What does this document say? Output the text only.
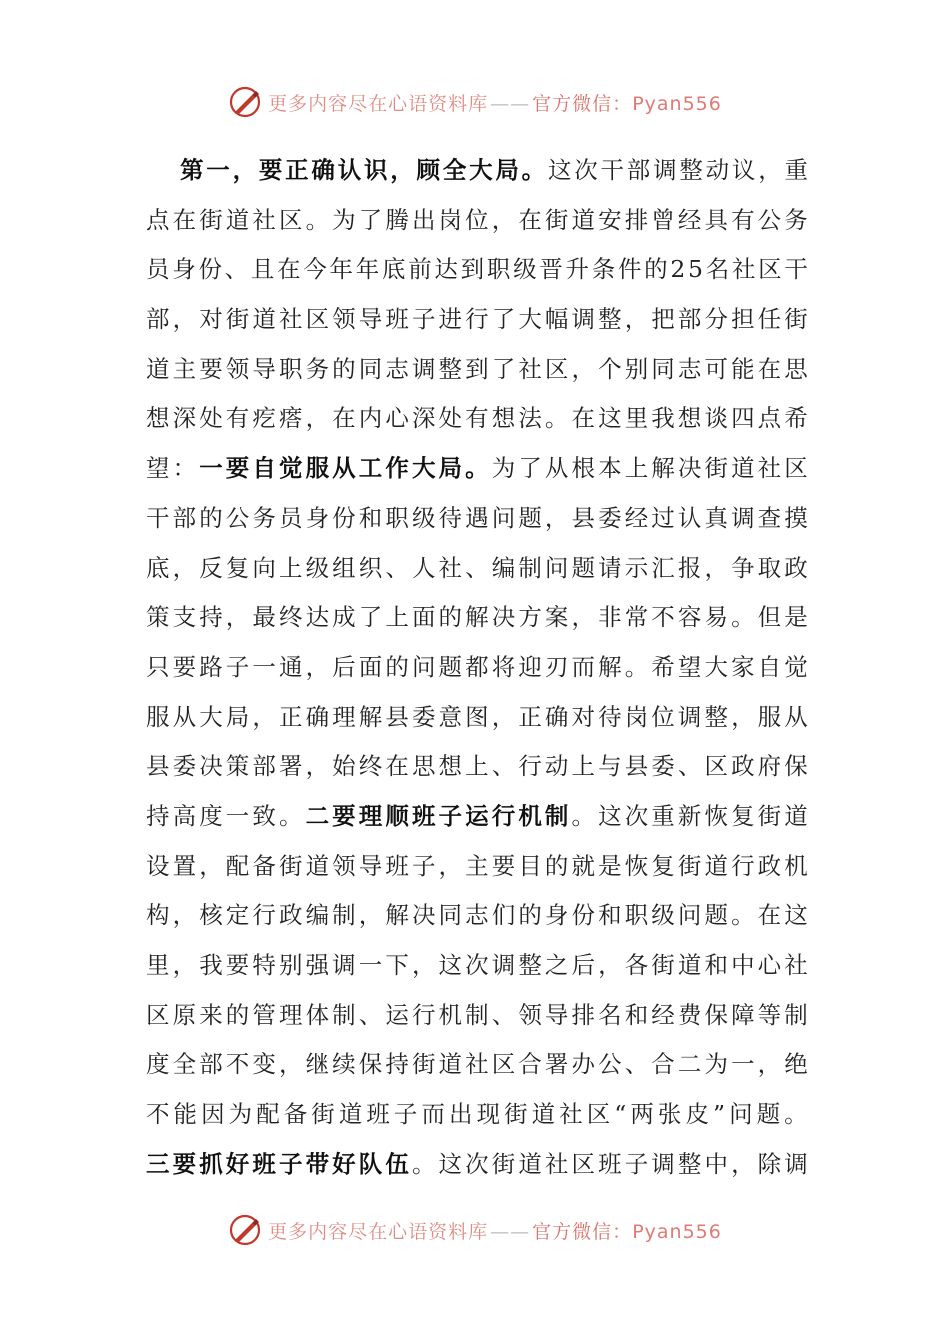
更多内容尽在心语资料库 —— 官方微信：Pyan556
第 一 ， 要 正 确 认 识 ， 顾 全 大 局 。 这 次 干 部 调 整 动 议 ， 重
点 在 街 道 社 区 。 为 了 腾 出 岗 位 ， 在 街 道 安 排 曾 经 具 有 公 务
员 身 份 、 且 在 今 年 年 底 前 达 到 职 级 晋 升 条 件 的 2 5 名 社 区 干
部 ， 对 街 道 社 区 领 导 班 子 进 行 了 大 幅 调 整 ， 把 部 分 担 任 街
道 主 要 领 导 职 务 的 同 志 调 整 到 了 社 区 ， 个 别 同 志 可 能 在 思
想 深 处 有 疙 瘩 ， 在 内 心 深 处 有 想 法 。 在 这 里 我 想 谈 四 点 希
望 ： 一 要 自 觉 服 从 工 作 大 局 。 为 了 从 根 本 上 解 决 街 道 社 区
干 部 的 公 务 员 身 份 和 职 级 待 遇 问 题 ， 县 委 经 过 认 真 调 查 摸
底 ， 反 复 向 上 级 组 织 、 人 社 、 编 制 问 题 请 示 汇 报 ， 争 取 政
策 支 持 ， 最 终 达 成 了 上 面 的 解 决 方 案 ， 非 常 不 容 易 。 但 是
只 要 路 子 一 通 ， 后 面 的 问 题 都 将 迎 刃 而 解 。 希 望 大 家 自 觉
服 从 大 局 ， 正 确 理 解 县 委 意 图 ， 正 确 对 待 岗 位 调 整 ， 服 从
县 委 决 策 部 署 ， 始 终 在 思 想 上 、 行 动 上 与 县 委 、 区 政 府 保
持 高 度 一 致 。 二 要 理 顺 班 子 运 行 机 制 。 这 次 重 新 恢 复 街 道
设 置 ， 配 备 街 道 领 导 班 子 ， 主 要 目 的 就 是 恢 复 街 道 行 政 机
构 ， 核 定 行 政 编 制 ， 解 决 同 志 们 的 身 份 和 职 级 问 题 。 在 这
里 ， 我 要 特 别 强 调 一 下 ， 这 次 调 整 之 后 ， 各 街 道 和 中 心 社
区 原 来 的 管 理 体 制 、 运 行 机 制 、 领 导 排 名 和 经 费 保 障 等 制
度 全 部 不 变 ， 继 续 保 持 街 道 社 区 合 署 办 公 、 合 二 为 一 ， 绝
不 能 因 为 配 备 街 道 班 子 而 出 现 街 道 社 区 “ 两 张 皮 ” 问 题 。
三 要 抓 好 班 子 带 好 队 伍 。 这 次 街 道 社 区 班 子 调 整 中 ， 除 调
更多内容尽在心语资料库 —— 官方微信：Pyan556
